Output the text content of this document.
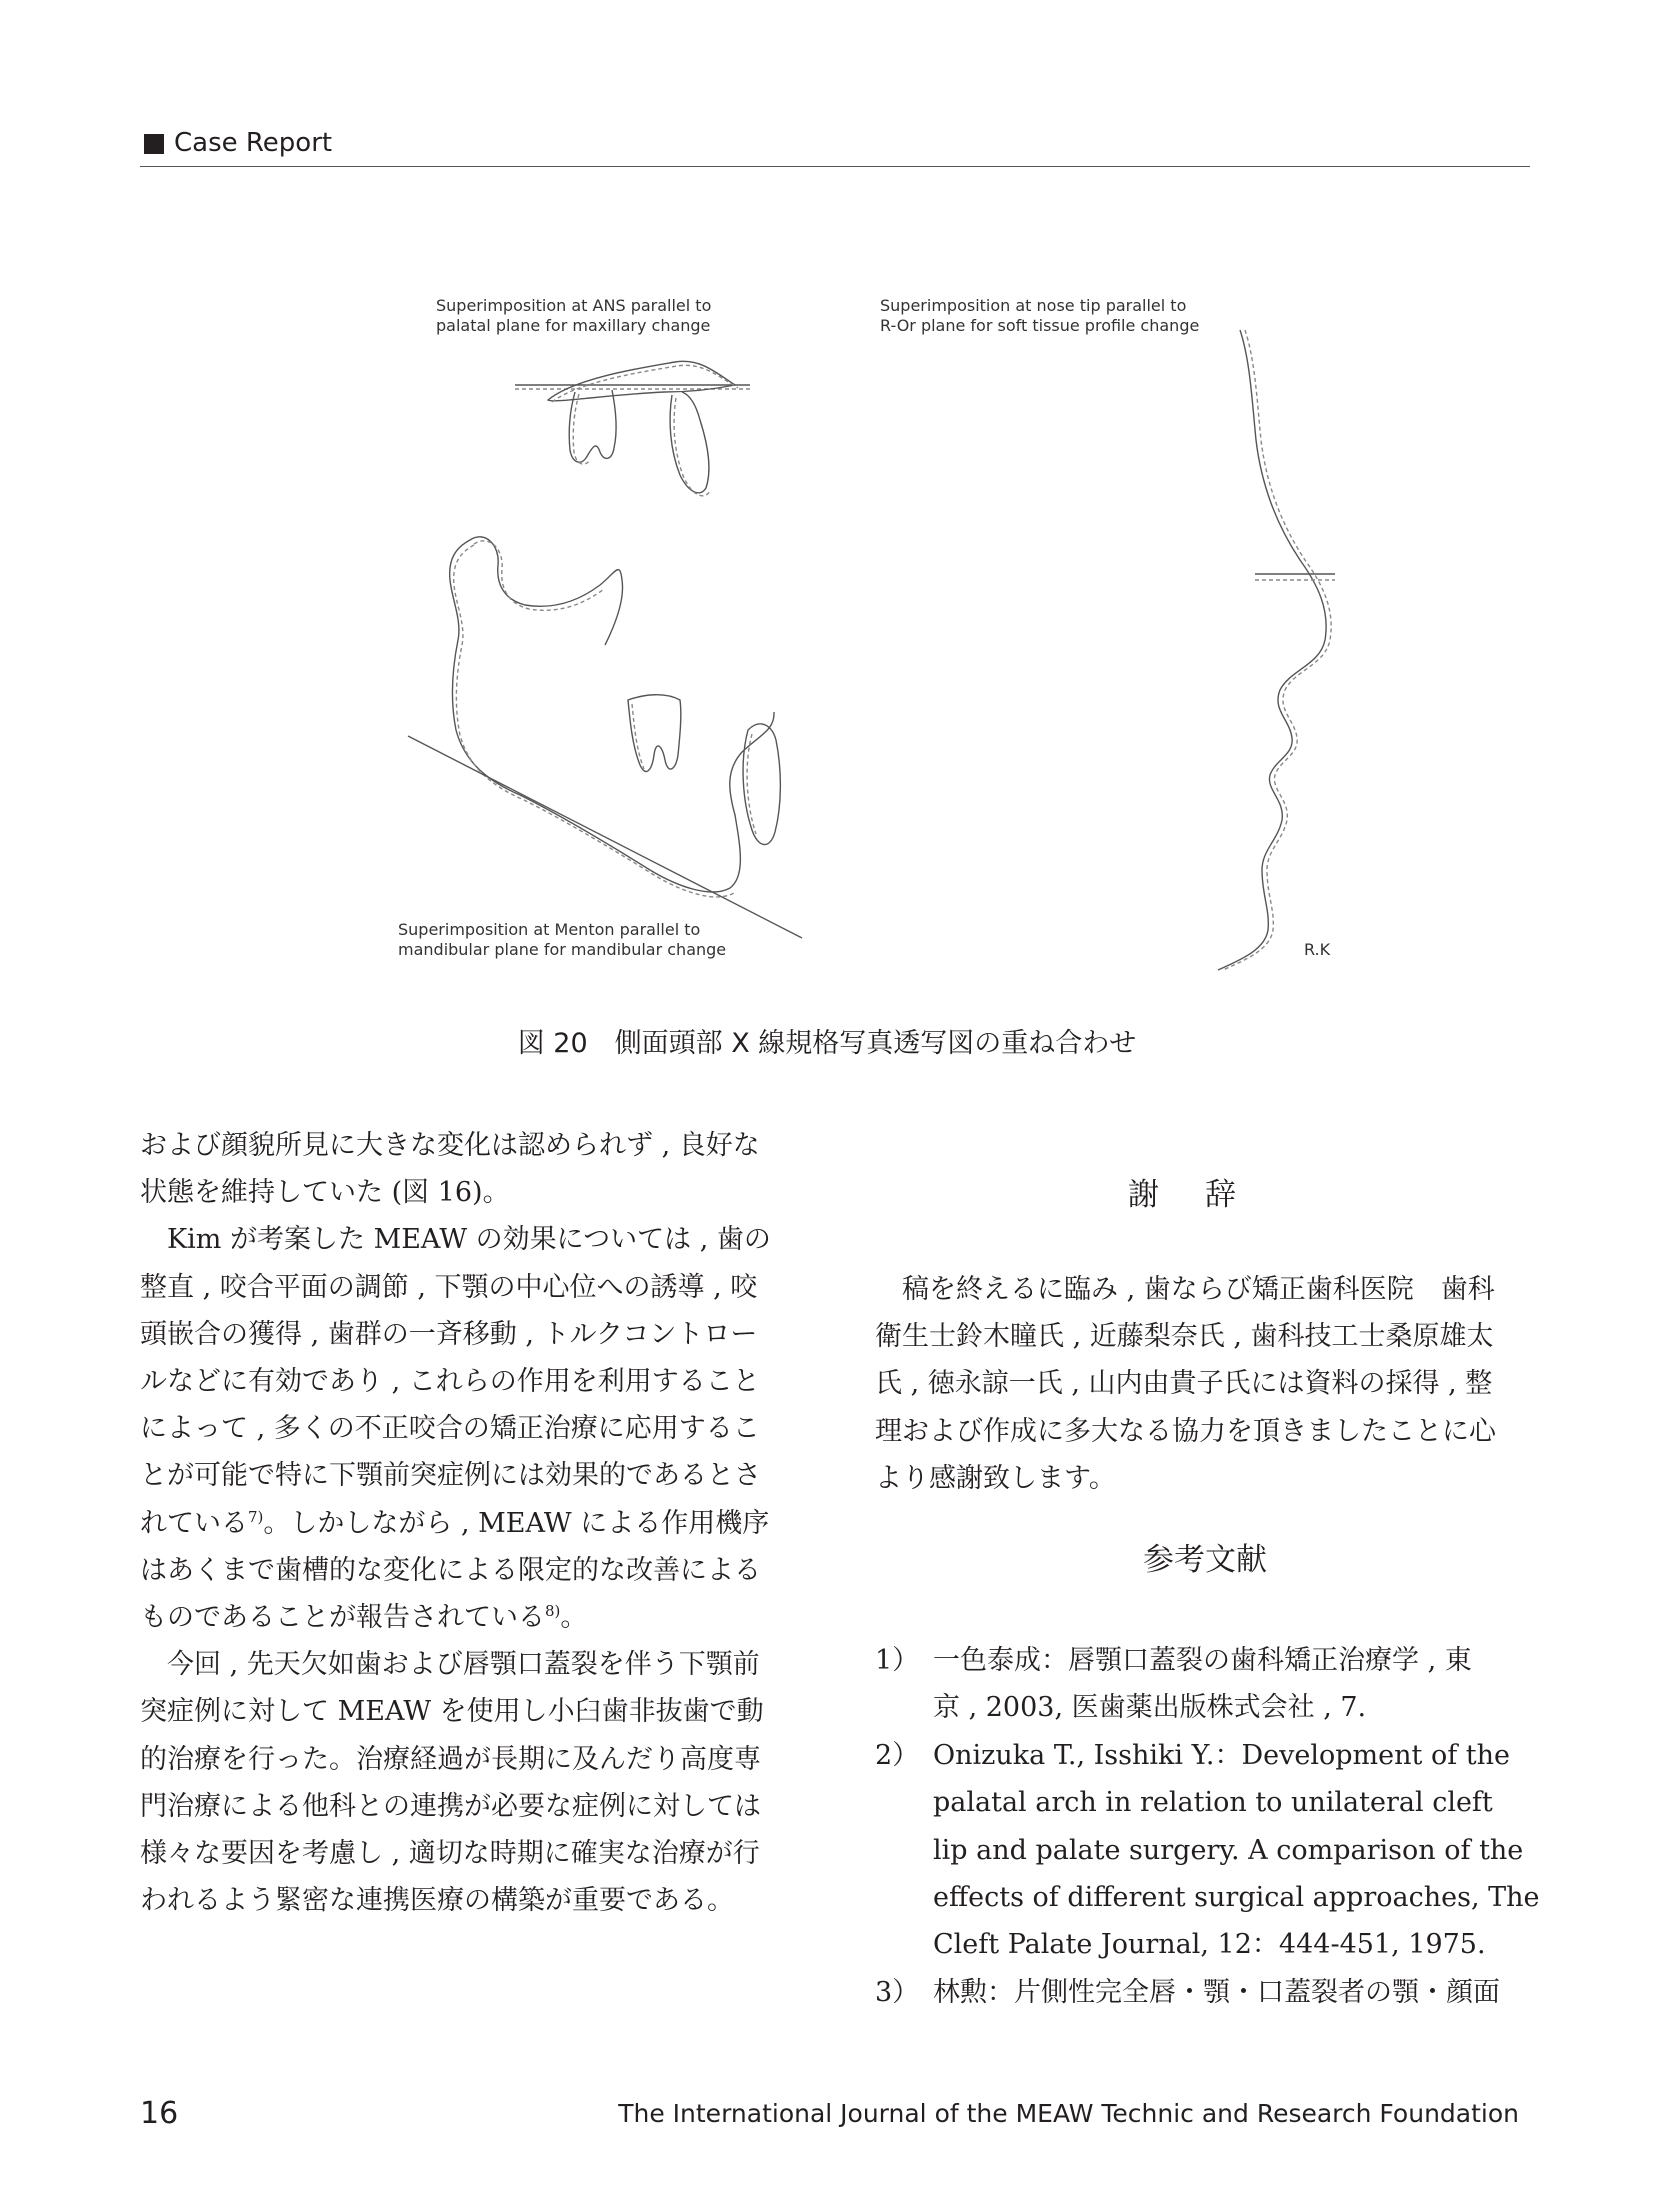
Case Report
Superimposition at ANS parallel to
palatal plane for maxillary change
Superimposition at nose tip parallel to
R-Or plane for soft tissue profile change
Superimposition at Menton parallel to
mandibular plane for mandibular change	R.K
図 20　側面頭部 X 線規格写真透写図の重ね合わせ

および顔貌所見に大きな変化は認められず , 良好な

状態を維持していた (図 16)。

Kim が考案した MEAW の効果については , 歯の

整直 , 咬合平面の調節 , 下顎の中心位への誘導 , 咬

頭嵌合の獲得 , 歯群の一斉移動 , トルクコントロー

ルなどに有効であり , これらの作用を利用すること

によって , 多くの不正咬合の矯正治療に応用するこ

とが可能で特に下顎前突症例には効果的であるとさ

れている$^{7)}$。しかしながら , MEAW による作用機序

はあくまで歯槽的な変化による限定的な改善による

ものであることが報告されている$^{8)}$。

今回 , 先天欠如歯および唇顎口蓋裂を伴う下顎前

突症例に対して MEAW を使用し小臼歯非抜歯で動

的治療を行った。治療経過が長期に及んだり高度専

門治療による他科との連携が必要な症例に対しては

様々な要因を考慮し , 適切な時期に確実な治療が行

われるよう緊密な連携医療の構築が重要である。

謝辞

稿を終えるに臨み , 歯ならび矯正歯科医院　歯科

衛生士鈴木瞳氏 , 近藤梨奈氏 , 歯科技工士桑原雄太

氏 , 徳永諒一氏 , 山内由貴子氏には資料の採得 , 整

理および作成に多大なる協力を頂きましたことに心

より感謝致します。

参考文献
1） 一色泰成：唇顎口蓋裂の歯科矯正治療学 , 東
京 , 2003, 医歯薬出版株式会社 , 7.
2） Onizuka T., Isshiki Y.：Development of the
palatal arch in relation to unilateral cleft
lip and palate surgery. A comparison of the
effects of different surgical approaches, The
Cleft Palate Journal, 12：444-451, 1975.
3） 林勲：片側性完全唇・顎・口蓋裂者の顎・顔面
16	The International Journal of the MEAW Technic and Research Foundation
